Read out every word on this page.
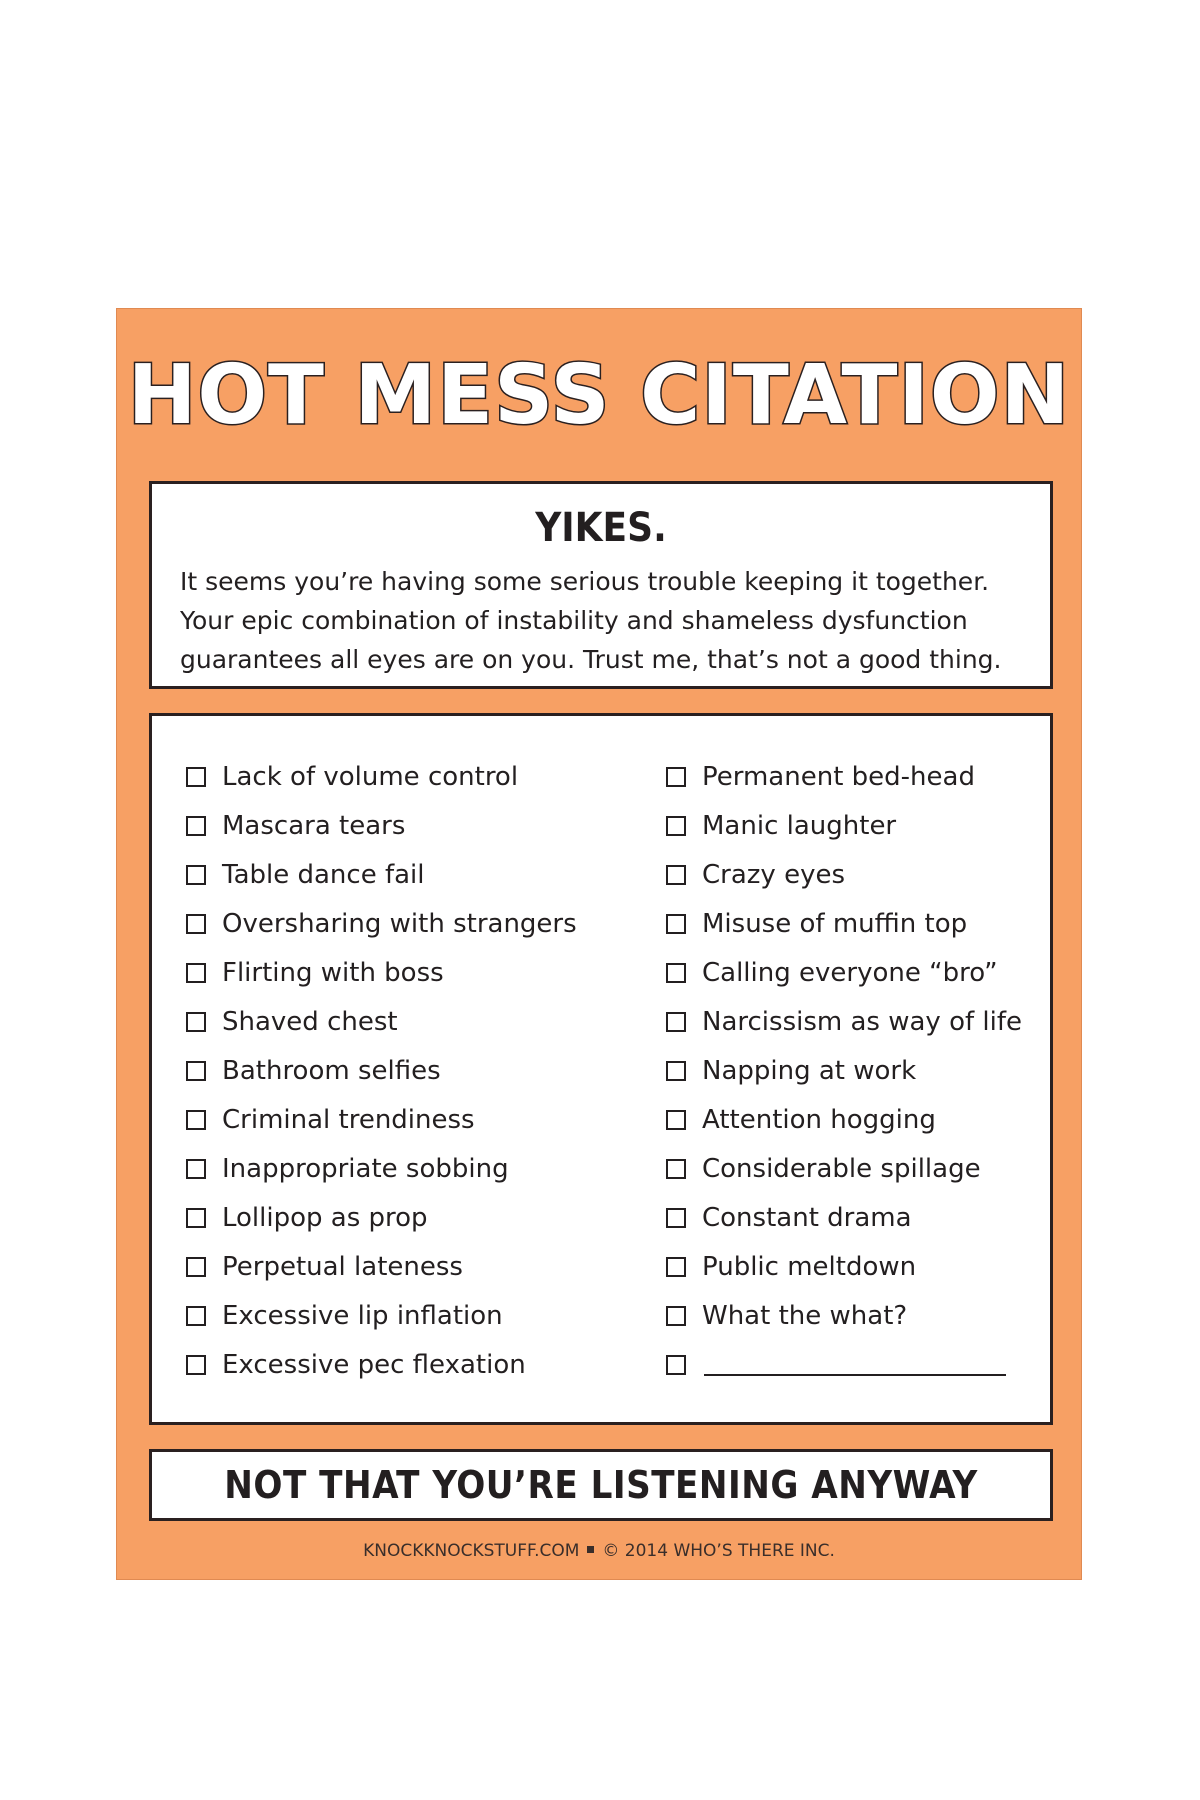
HOT MESS CITATION
YIKES.
It seems you’re having some serious trouble keeping it together.
Your epic combination of instability and shameless dysfunction
guarantees all eyes are on you. Trust me, that’s not a good thing.
Lack of volume control
Mascara tears
Table dance fail
Oversharing with strangers
Flirting with boss
Shaved chest
Bathroom selfies
Criminal trendiness
Inappropriate sobbing
Lollipop as prop
Perpetual lateness
Excessive lip inflation
Excessive pec flexation
Permanent bed-head
Manic laughter
Crazy eyes
Misuse of muffin top
Calling everyone “bro”
Narcissism as way of life
Napping at work
Attention hogging
Considerable spillage
Constant drama
Public meltdown
What the what?
NOT THAT YOU’RE LISTENING ANYWAY
KNOCKKNOCKSTUFF.COM © 2014 WHO’S THERE INC.
